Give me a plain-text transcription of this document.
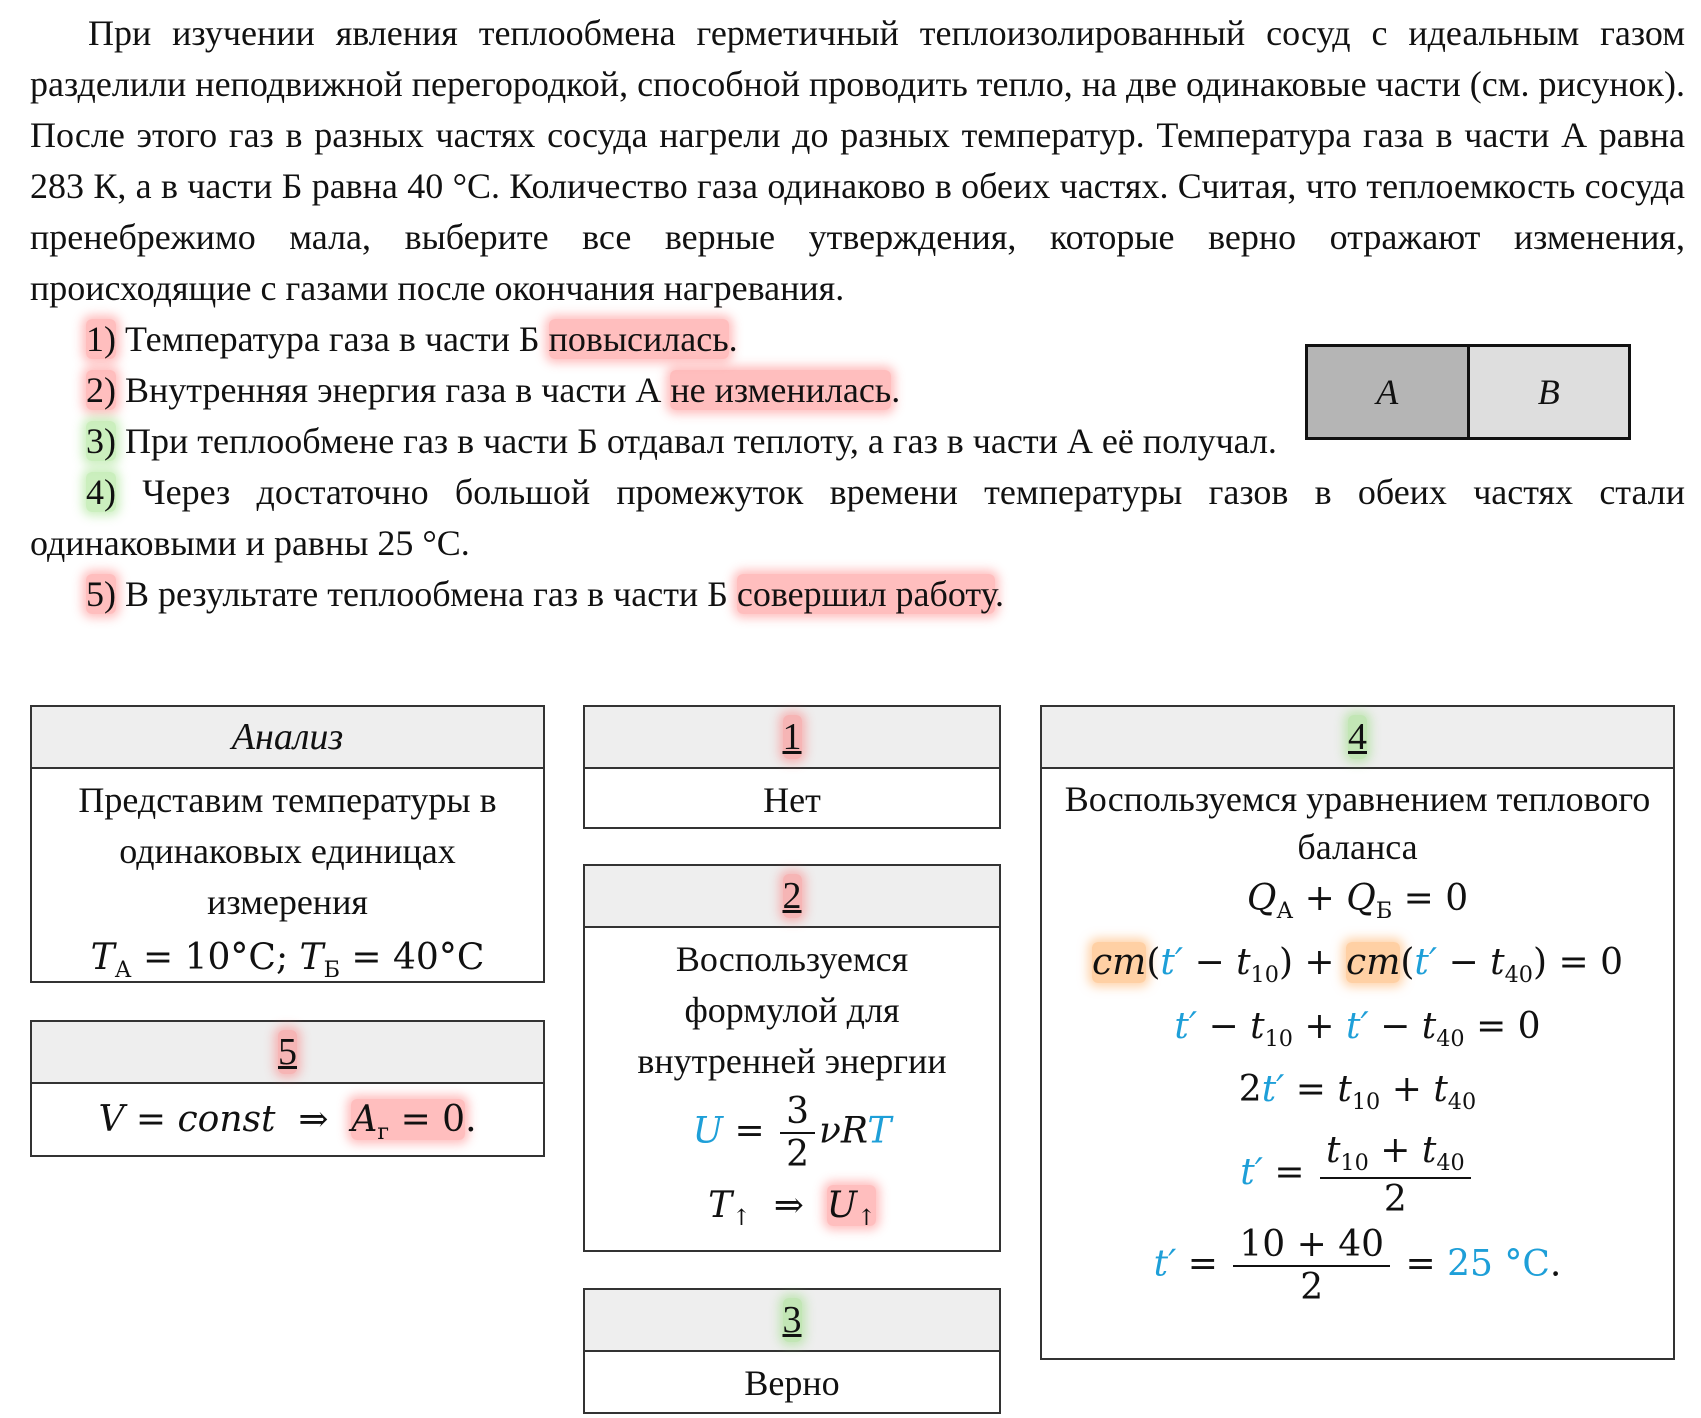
При изучении явления теплообмена герметичный теплоизолированный сосуд с идеальным газом разделили неподвижной перегородкой, способной проводить тепло, на две одинаковые части (см. рисунок). После этого газ в разных частях сосуда нагрели до разных температур. Температура газа в части А равна 283 К, а в части Б равна 40 °С. Количество газа одинаково в обеих частях. Считая, что теплоемкость сосуда пренебрежимо мала, выберите все верные утверждения, которые верно отражают изменения, происходящие с газами после окончания нагревания.

1) Температура газа в части Б повысилась.

2) Внутренняя энергия газа в части А не изменилась.

3) При теплообмене газ в части Б отдавал теплоту, а газ в части А её получал.

4) Через достаточно большой промежуток времени температуры газов в обеих частях стали одинаковыми и равны 25 °С.

5) В результате теплообмена газ в части Б совершил работу.

А	В
Анализ
Представим температуры в одинаковых единицах измерения
$T_А = 10^\circ С$; $T_Б = 40^\circ С$
5
V = const  ⇒  $A_г = 0$.
1
Нет
2
Воспользуемся формулой для внутренней энергии
$U = \frac{3}{2}$ νRT
$T_↑$  ⇒  $U_↑$
3
Верно
4
Воспользуемся уравнением теплового баланса
$Q_А + Q_Б = 0$
$cm(t' - t_{10}) + cm(t' - t_{40}) = 0$
$t' - t_{10} + t' - t_{40} = 0$
$2t' = t_{10} + t_{40}$
$t' = \frac{t_{10} + t_{40}}{2}$
$t' = \frac{10 + 40}{2} = 25$ °С.
